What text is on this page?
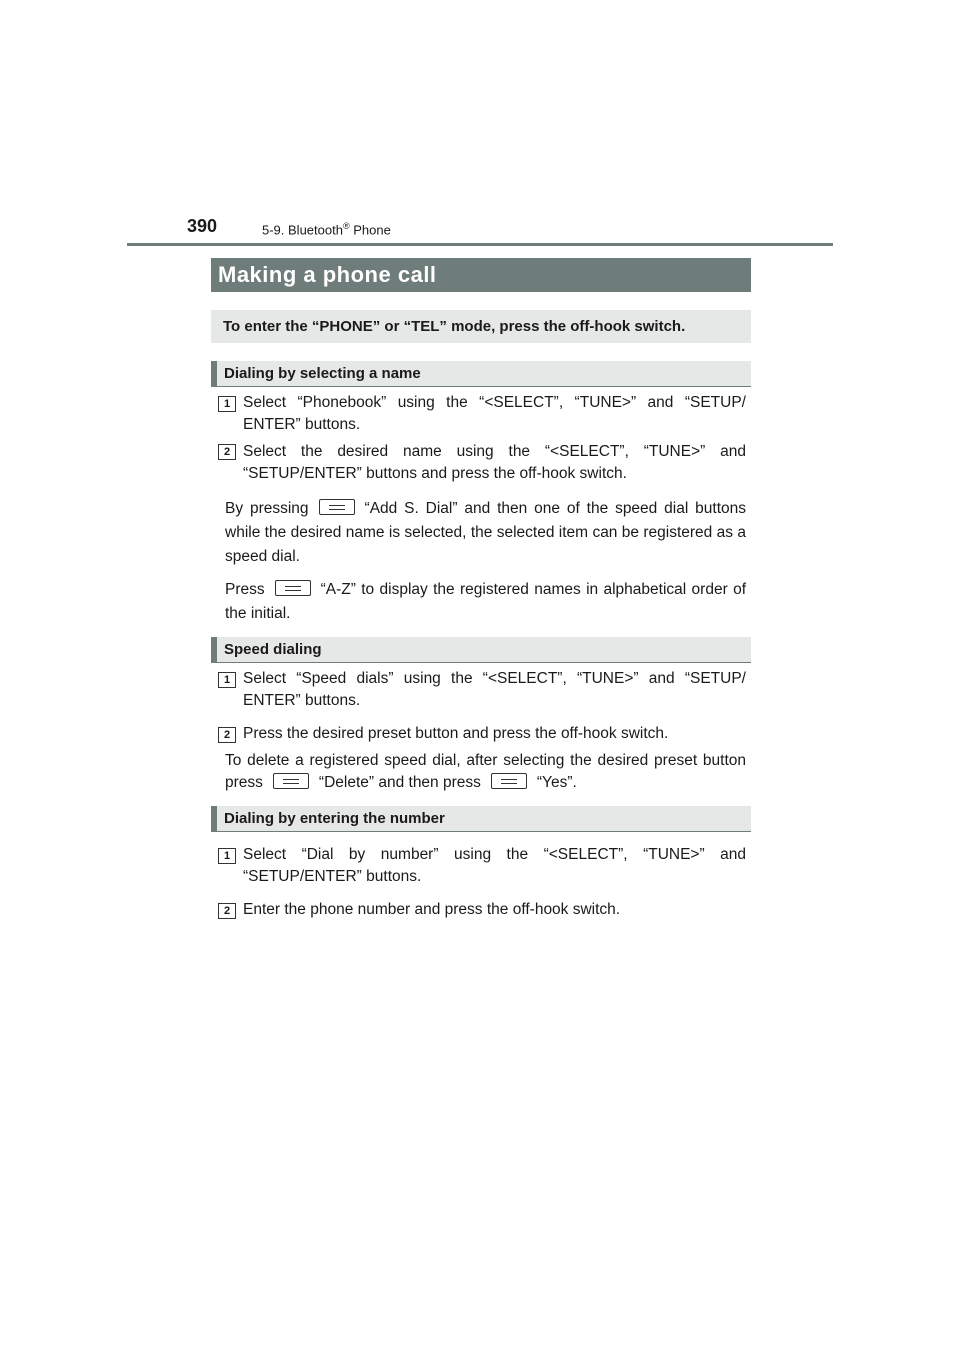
390	5-9. Bluetooth® Phone
Making a phone call
To enter the “PHONE” or “TEL” mode, press the off-hook switch.
Dialing by selecting a name
1 Select “Phonebook” using the “<SELECT”, “TUNE>” and “SETUP/ ENTER” buttons.
2 Select the desired name using the “<SELECT”, “TUNE>” and “SETUP/ENTER” buttons and press the off-hook switch.
By pressing	“Add S. Dial” and then one of the speed dial buttons while the desired name is selected, the selected item can be registered as a speed dial.
Press	“A-Z” to display the registered names in alphabetical order of the initial.
Speed dialing
1 Select “Speed dials” using the “<SELECT”, “TUNE>” and “SETUP/ ENTER” buttons.
2 Press the desired preset button and press the off-hook switch.
To delete a registered speed dial, after selecting the desired preset button press	“Delete” and then press	“Yes”.
Dialing by entering the number
1 Select “Dial by number” using the “<SELECT”, “TUNE>” and “SETUP/ENTER” buttons.
2 Enter the phone number and press the off-hook switch.
